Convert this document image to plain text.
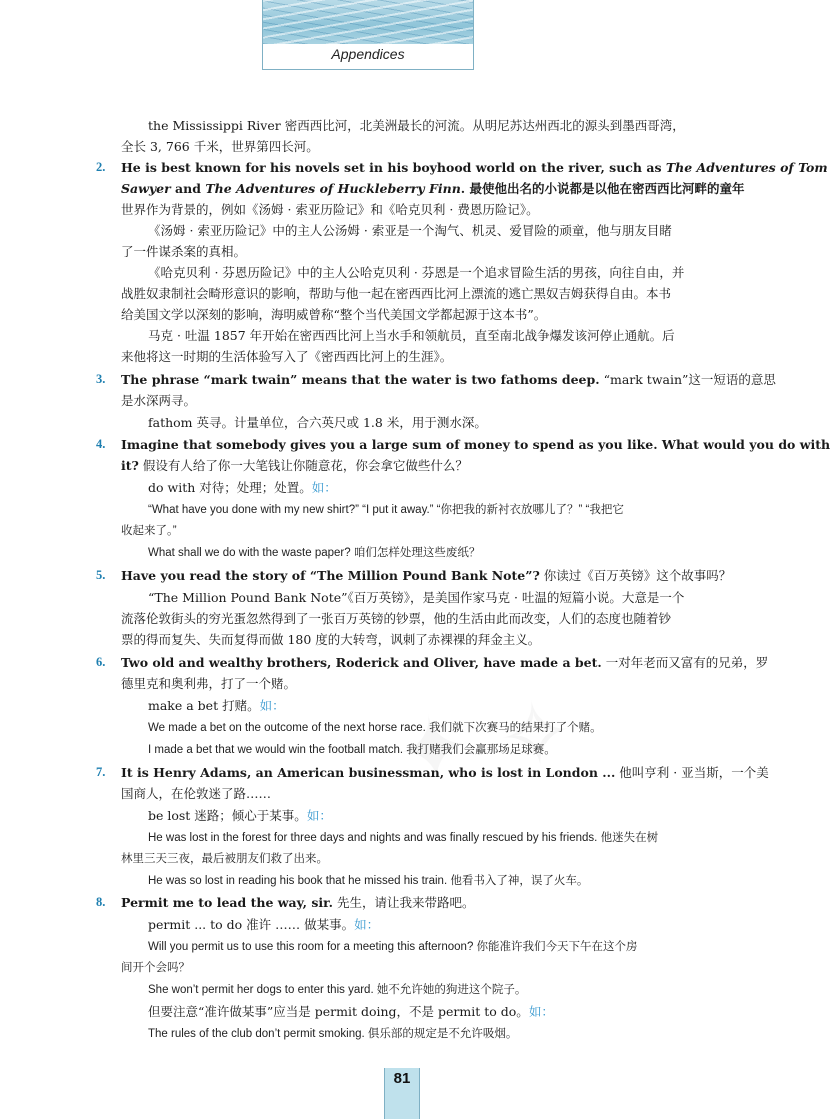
Appendices
the Mississippi River 密西西比河，北美洲最长的河流。从明尼苏达州西北的源头到墨西哥湾，
全长 3, 766 千米，世界第四长河。
2. He is best known for his novels set in his boyhood world on the river, such as The Adventures of Tom
Sawyer and The Adventures of Huckleberry Finn. 最使他出名的小说都是以他在密西西比河畔的童年
世界作为背景的，例如《汤姆 · 索亚历险记》和《哈克贝利 · 费恩历险记》。
《汤姆 · 索亚历险记》中的主人公汤姆 · 索亚是一个淘气、机灵、爱冒险的顽童，他与朋友目睹
了一件谋杀案的真相。
《哈克贝利 · 芬恩历险记》中的主人公哈克贝利 · 芬恩是一个追求冒险生活的男孩，向往自由，并
战胜奴隶制社会畸形意识的影响，帮助与他一起在密西西比河上漂流的逃亡黑奴吉姆获得自由。本书
给美国文学以深刻的影响，海明威曾称“整个当代美国文学都起源于这本书”。
马克 · 吐温 1857 年开始在密西西比河上当水手和领航员，直至南北战争爆发该河停止通航。后
来他将这一时期的生活体验写入了《密西西比河上的生涯》。
3. The phrase “mark twain” means that the water is two fathoms deep. “mark twain”这一短语的意思
是水深两寻。
fathom 英寻。计量单位，合六英尺或 1.8 米，用于测水深。
4. Imagine that somebody gives you a large sum of money to spend as you like. What would you do with
it? 假设有人给了你一大笔钱让你随意花，你会拿它做些什么？
do with 对待；处理；处置。如：
“What have you done with my new shirt?” “I put it away.” “你把我的新衬衣放哪儿了？” “我把它
收起来了。”
What shall we do with the waste paper? 咱们怎样处理这些废纸？
5. Have you read the story of “The Million Pound Bank Note”? 你读过《百万英镑》这个故事吗？
“The Million Pound Bank Note”《百万英镑》，是美国作家马克 · 吐温的短篇小说。大意是一个
流落伦敦街头的穷光蛋忽然得到了一张百万英镑的钞票，他的生活由此而改变，人们的态度也随着钞
票的得而复失、失而复得而做 180 度的大转弯，讽刺了赤裸裸的拜金主义。
6. Two old and wealthy brothers, Roderick and Oliver, have made a bet. 一对年老而又富有的兄弟，罗
德里克和奥利弗，打了一个赌。
make a bet 打赌。如：
We made a bet on the outcome of the next horse race. 我们就下次赛马的结果打了个赌。
I made a bet that we would win the football match. 我打赌我们会赢那场足球赛。
7. It is Henry Adams, an American businessman, who is lost in London ... 他叫亨利 · 亚当斯，一个美
国商人，在伦敦迷了路……
be lost 迷路；倾心于某事。如：
He was lost in the forest for three days and nights and was finally rescued by his friends. 他迷失在树
林里三天三夜，最后被朋友们救了出来。
He was so lost in reading his book that he missed his train. 他看书入了神，误了火车。
8. Permit me to lead the way, sir. 先生，请让我来带路吧。
permit ... to do 准许 …… 做某事。如：
Will you permit us to use this room for a meeting this afternoon? 你能准许我们今天下午在这个房
间开个会吗？
She won’t permit her dogs to enter this yard. 她不允许她的狗进这个院子。
但要注意“准许做某事”应当是 permit doing，不是 permit to do。如：
The rules of the club don’t permit smoking. 俱乐部的规定是不允许吸烟。
81
